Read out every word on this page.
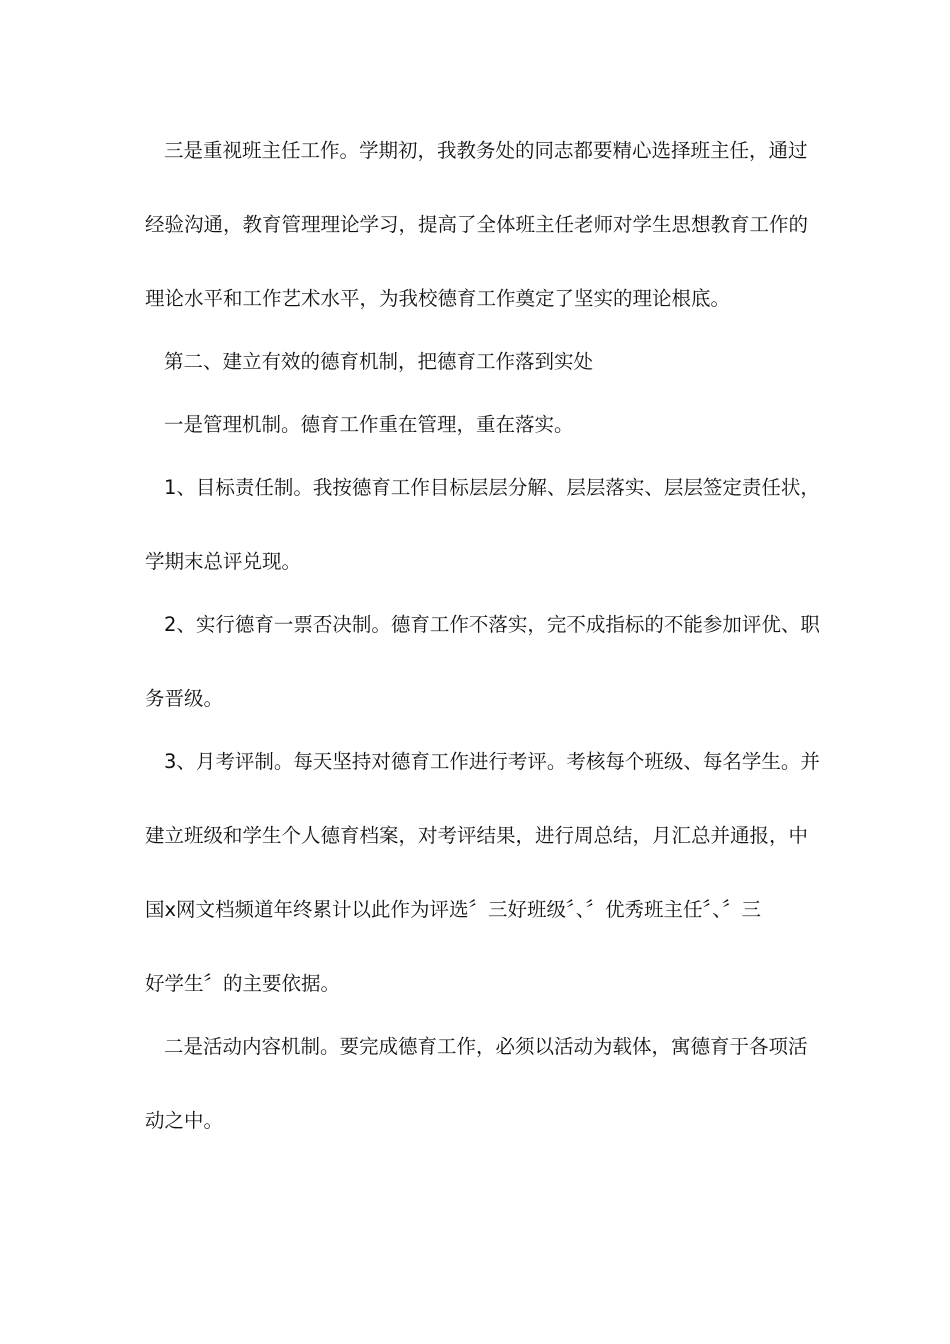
三是重视班主任工作。学期初，我教务处的同志都要精心选择班主任，通过
经验沟通，教育管理理论学习，提高了全体班主任老师对学生思想教育工作的
理论水平和工作艺术水平，为我校德育工作奠定了坚实的理论根底。
第二、建立有效的德育机制，把德育工作落到实处
一是管理机制。德育工作重在管理，重在落实。
1、目标责任制。我按德育工作目标层层分解、层层落实、层层签定责任状，
学期末总评兑现。
2、实行德育一票否决制。德育工作不落实，完不成指标的不能参加评优、职
务晋级。
3、月考评制。每天坚持对德育工作进行考评。考核每个班级、每名学生。并
建立班级和学生个人德育档案，对考评结果，进行周总结，月汇总并通报，中
国x网文档频道年终累计以此作为评选〞三好班级〞、〞优秀班主任〞、〞三
好学生〞的主要依据。
二是活动内容机制。要完成德育工作，必须以活动为载体，寓德育于各项活
动之中。
